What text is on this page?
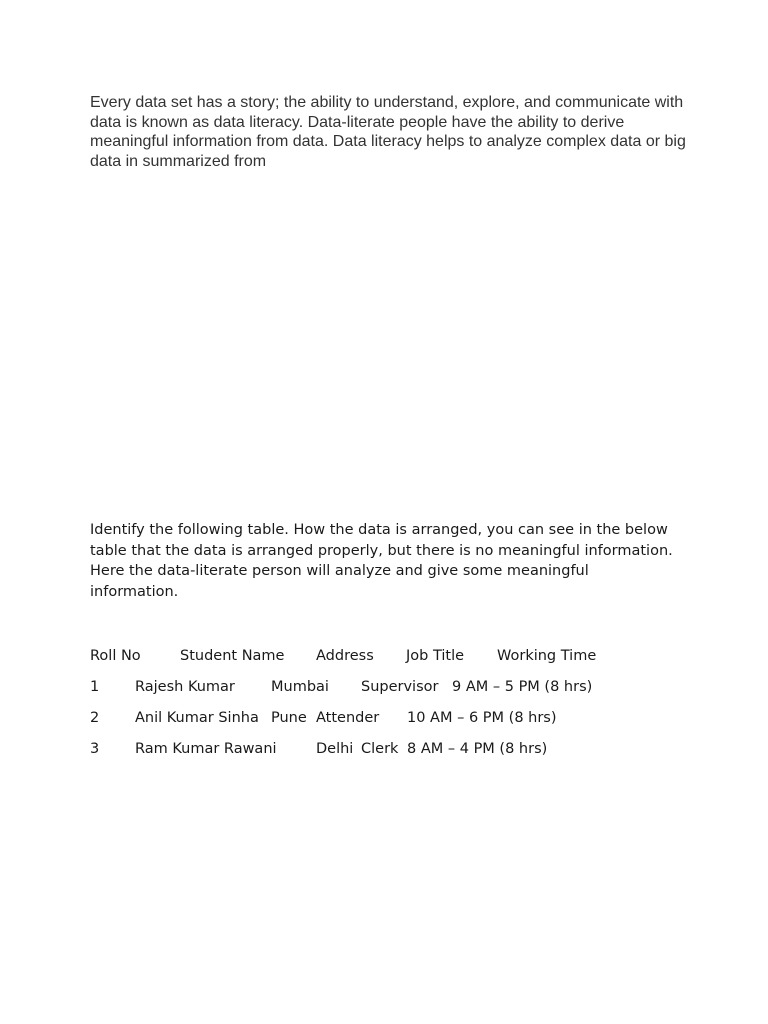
Every data set has a story; the ability to understand, explore, and communicate with data is known as data literacy. Data-literate people have the ability to derive meaningful information from data. Data literacy helps to analyze complex data or big data in summarized from

Identify the following table. How the data is arranged, you can see in the below table that the data is arranged properly, but there is no meaningful information. Here the data-literate person will analyze and give some meaningful information.

Roll No	Student Name Address Job Title Working Time
1 Rajesh Kumar Mumbai Supervisor 9 AM – 5 PM (8 hrs)
2 Anil Kumar Sinha Pune Attender 10 AM – 6 PM (8 hrs)
3 Ram Kumar Rawani	Delhi Clerk 8 AM – 4 PM (8 hrs)
